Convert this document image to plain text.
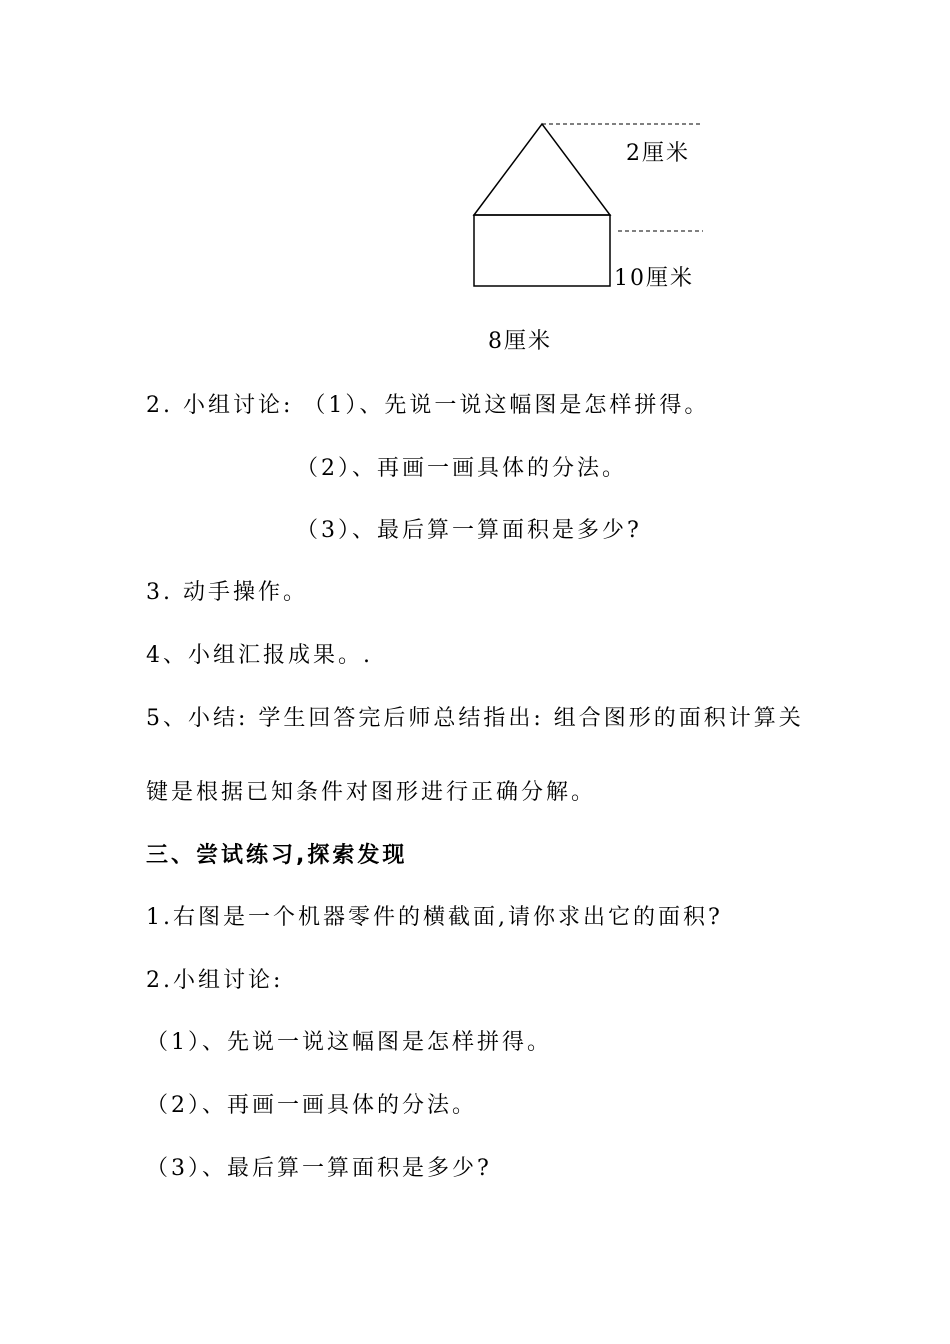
2厘米
10厘米
8厘米
2. 小组讨论: （1）、先说一说这幅图是怎样拼得。
（2）、再画一画具体的分法。
（3）、最后算一算面积是多少?
3. 动手操作。
4、小组汇报成果。.
5、小结: 学生回答完后师总结指出: 组合图形的面积计算关
键是根据已知条件对图形进行正确分解。
三、尝试练习,探索发现
1.右图是一个机器零件的横截面,请你求出它的面积?
2.小组讨论:
（1）、先说一说这幅图是怎样拼得。
（2）、再画一画具体的分法。
（3）、最后算一算面积是多少?
